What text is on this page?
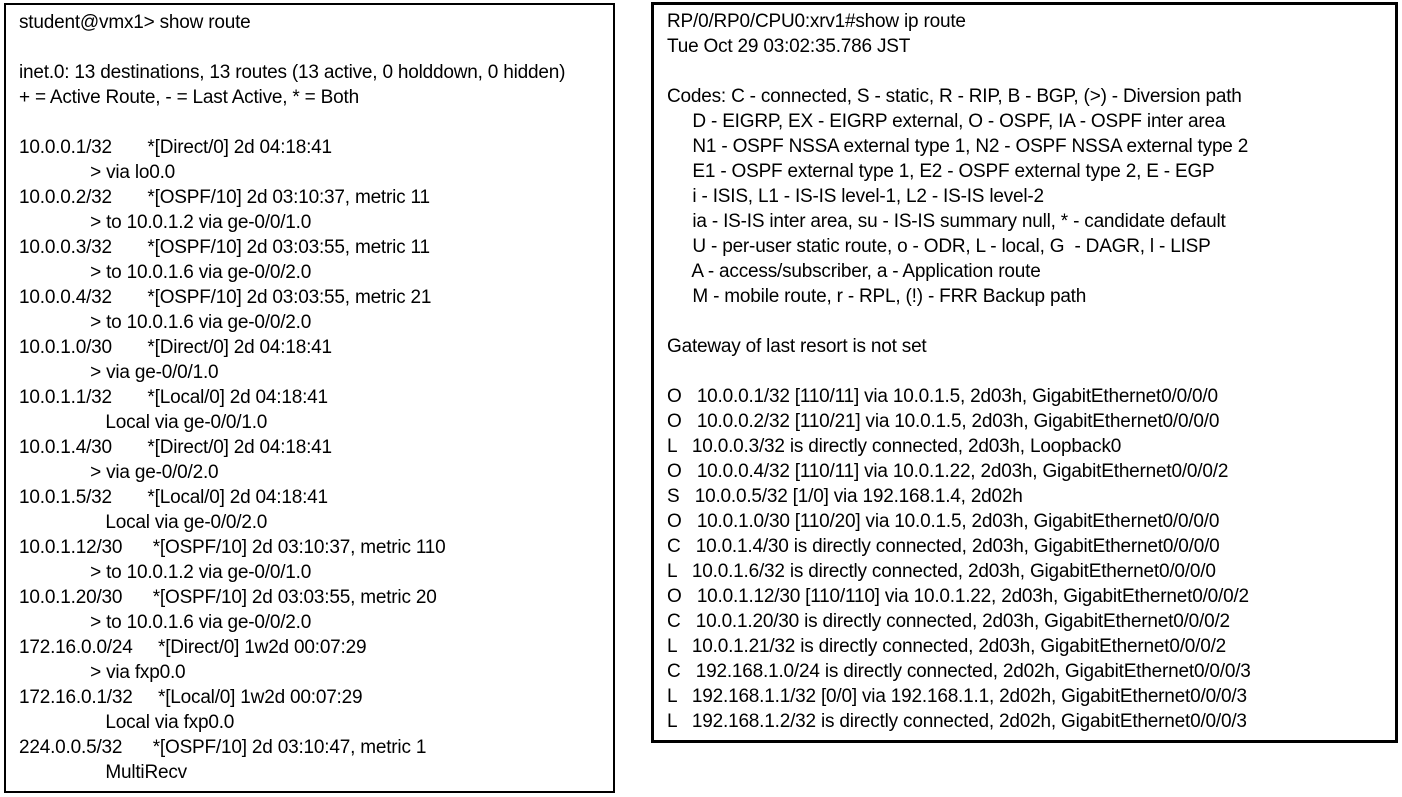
student@vmx1> show route

inet.0: 13 destinations, 13 routes (13 active, 0 holddown, 0 hidden)
+ = Active Route, - = Last Active, * = Both

10.0.0.1/32       *[Direct/0] 2d 04:18:41
> via lo0.0
10.0.0.2/32       *[OSPF/10] 2d 03:10:37, metric 11
> to 10.0.1.2 via ge-0/0/1.0
10.0.0.3/32       *[OSPF/10] 2d 03:03:55, metric 11
> to 10.0.1.6 via ge-0/0/2.0
10.0.0.4/32       *[OSPF/10] 2d 03:03:55, metric 21
> to 10.0.1.6 via ge-0/0/2.0
10.0.1.0/30       *[Direct/0] 2d 04:18:41
> via ge-0/0/1.0
10.0.1.1/32       *[Local/0] 2d 04:18:41
Local via ge-0/0/1.0
10.0.1.4/30       *[Direct/0] 2d 04:18:41
> via ge-0/0/2.0
10.0.1.5/32       *[Local/0] 2d 04:18:41
Local via ge-0/0/2.0
10.0.1.12/30      *[OSPF/10] 2d 03:10:37, metric 110
> to 10.0.1.2 via ge-0/0/1.0
10.0.1.20/30      *[OSPF/10] 2d 03:03:55, metric 20
> to 10.0.1.6 via ge-0/0/2.0
172.16.0.0/24     *[Direct/0] 1w2d 00:07:29
> via fxp0.0
172.16.0.1/32     *[Local/0] 1w2d 00:07:29
Local via fxp0.0
224.0.0.5/32      *[OSPF/10] 2d 03:10:47, metric 1
MultiRecv
RP/0/RP0/CPU0:xrv1#show ip route
Tue Oct 29 03:02:35.786 JST

Codes: C - connected, S - static, R - RIP, B - BGP, (>) - Diversion path
D - EIGRP, EX - EIGRP external, O - OSPF, IA - OSPF inter area
N1 - OSPF NSSA external type 1, N2 - OSPF NSSA external type 2
E1 - OSPF external type 1, E2 - OSPF external type 2, E - EGP
i - ISIS, L1 - IS-IS level-1, L2 - IS-IS level-2
ia - IS-IS inter area, su - IS-IS summary null, * - candidate default
U - per-user static route, o - ODR, L - local, G  - DAGR, l - LISP
A - access/subscriber, a - Application route
M - mobile route, r - RPL, (!) - FRR Backup path

Gateway of last resort is not set

O   10.0.0.1/32 [110/11] via 10.0.1.5, 2d03h, GigabitEthernet0/0/0/0
O   10.0.0.2/32 [110/21] via 10.0.1.5, 2d03h, GigabitEthernet0/0/0/0
L   10.0.0.3/32 is directly connected, 2d03h, Loopback0
O   10.0.0.4/32 [110/11] via 10.0.1.22, 2d03h, GigabitEthernet0/0/0/2
S   10.0.0.5/32 [1/0] via 192.168.1.4, 2d02h
O   10.0.1.0/30 [110/20] via 10.0.1.5, 2d03h, GigabitEthernet0/0/0/0
C   10.0.1.4/30 is directly connected, 2d03h, GigabitEthernet0/0/0/0
L   10.0.1.6/32 is directly connected, 2d03h, GigabitEthernet0/0/0/0
O   10.0.1.12/30 [110/110] via 10.0.1.22, 2d03h, GigabitEthernet0/0/0/2
C   10.0.1.20/30 is directly connected, 2d03h, GigabitEthernet0/0/0/2
L   10.0.1.21/32 is directly connected, 2d03h, GigabitEthernet0/0/0/2
C   192.168.1.0/24 is directly connected, 2d02h, GigabitEthernet0/0/0/3
L   192.168.1.1/32 [0/0] via 192.168.1.1, 2d02h, GigabitEthernet0/0/0/3
L   192.168.1.2/32 is directly connected, 2d02h, GigabitEthernet0/0/0/3
